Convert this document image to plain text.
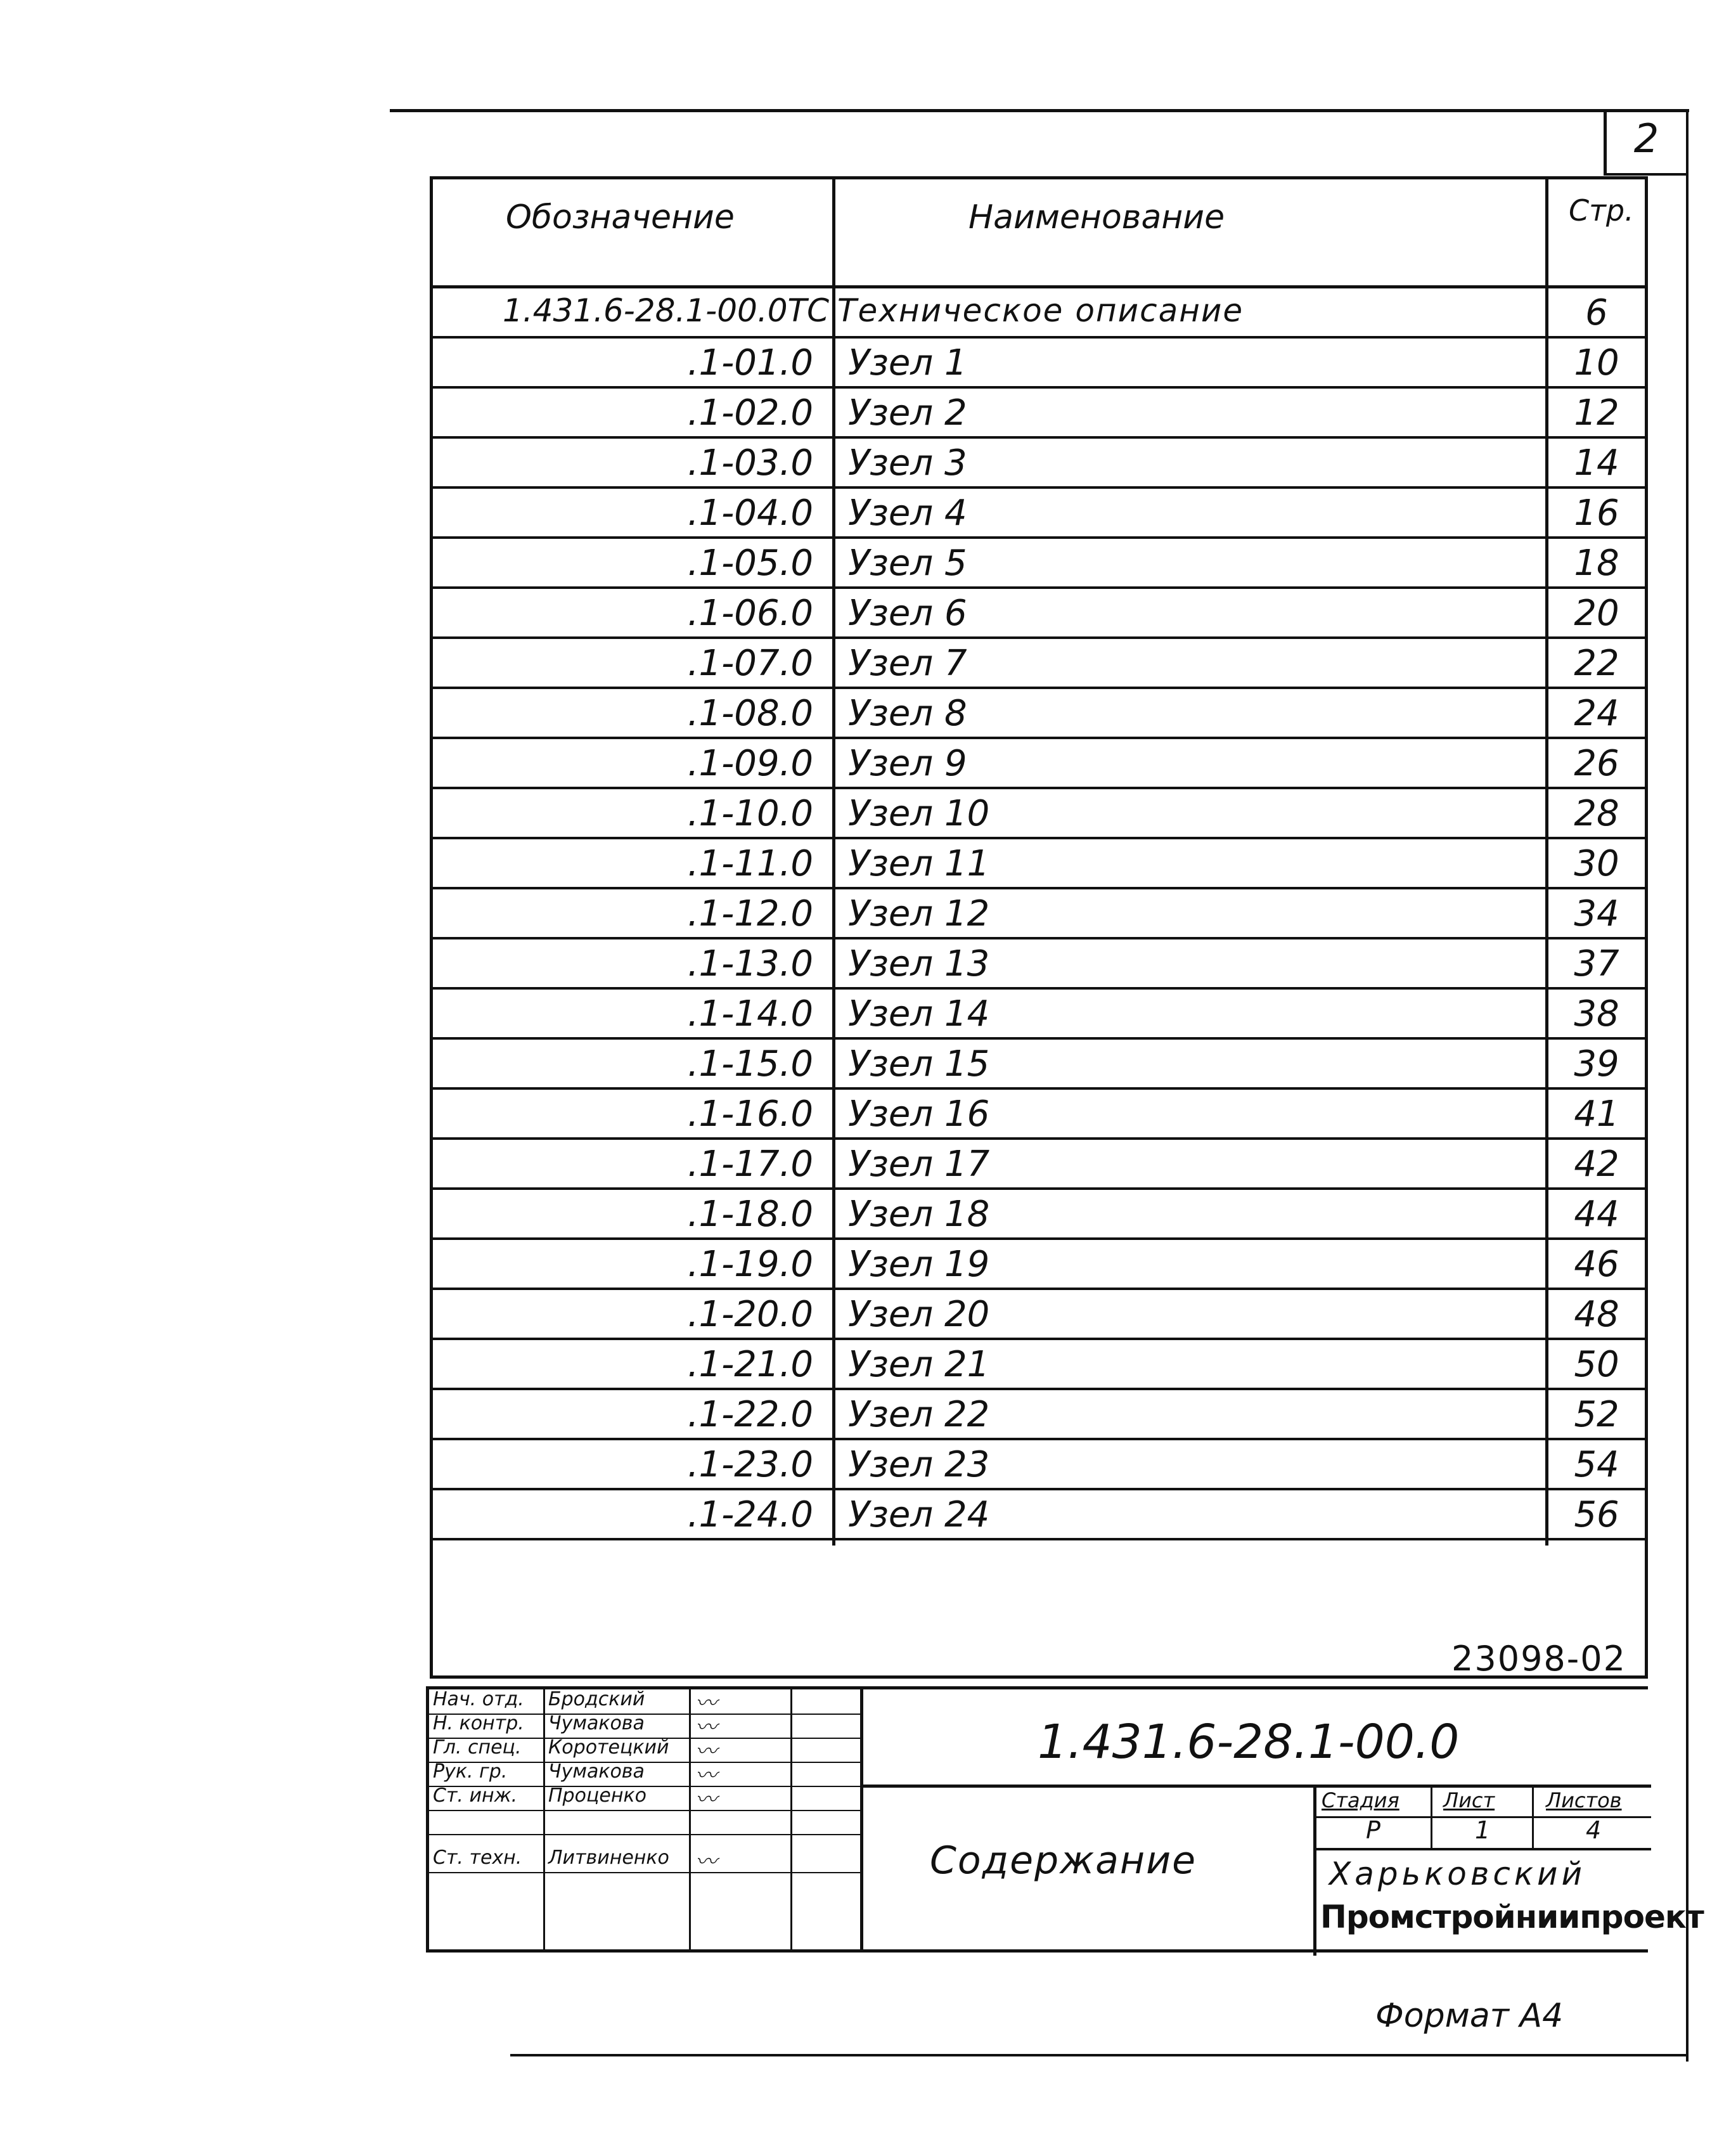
2
Обозначение	Наименование	Стр.
1.431.6-28.1-00.0ТС Техническое описание	6
.1-01.0 Узел 1	10
.1-02.0 Узел 2	12
.1-03.0 Узел 3	14
.1-04.0 Узел 4	16
.1-05.0 Узел 5	18
.1-06.0 Узел 6	20
.1-07.0 Узел 7	22
.1-08.0 Узел 8	24
.1-09.0 Узел 9	26
.1-10.0 Узел 10	28
.1-11.0 Узел 11	30
.1-12.0 Узел 12	34
.1-13.0 Узел 13	37
.1-14.0 Узел 14	38
.1-15.0 Узел 15	39
.1-16.0 Узел 16	41
.1-17.0 Узел 17	42
.1-18.0 Узел 18	44
.1-19.0 Узел 19	46
.1-20.0 Узел 20	48
.1-21.0 Узел 21	50
.1-22.0 Узел 22	52
.1-23.0 Узел 23	54
.1-24.0 Узел 24	56
23098-02
Нач. отд. Бродский 〰
Н. контр. Чумакова 〰
Гл. спец. Коротецкий 〰
Рук. гр. Чумакова 〰
Ст. инж. Проценко 〰
Ст. техн. Литвиненко 〰
1.431.6-28.1-00.0
Содержание
Стадия Лист	Листов
Р	1	4
Харьковский
Промстройниипроект
Формат А4
